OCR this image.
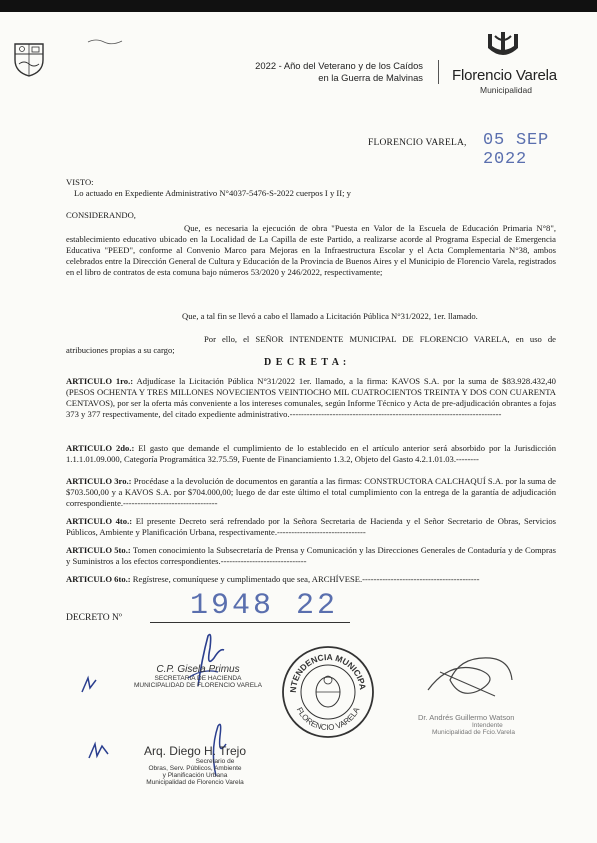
2022 - Año del Veterano y de los Caídos
en la Guerra de Malvinas Florencio Varela
Municipalidad
FLORENCIO VARELA, 05 SEP 2022
VISTO:
Lo actuado en Expediente Administrativo N°4037-5476-S-2022 cuerpos I y II; y
CONSIDERANDO,
Que, es necesaria la ejecución de obra "Puesta en Valor de la Escuela de Educación Primaria N°8", establecimiento educativo ubicado en la Localidad de La Capilla de este Partido, a realizarse acorde al Programa Especial de Emergencia Educativa "PEED", conforme al Convenio Marco para Mejoras en la Infraestructura Escolar y el Acta Complementaria N°38, ambos celebrados entre la Dirección General de Cultura y Educación de la Provincia de Buenos Aires y el Municipio de Florencio Varela, registrados en el libro de contratos de esta comuna bajo números 53/2020 y 246/2022, respectivamente;
Que, a tal fin se llevó a cabo el llamado a Licitación Pública N°31/2022, 1er. llamado.
Por ello, el SEÑOR INTENDENTE MUNICIPAL DE FLORENCIO VARELA, en uso de atribuciones propias a su cargo;
D E C R E T A :
ARTICULO 1ro.: Adjudícase la Licitación Pública N°31/2022 1er. llamado, a la firma: KAVOS S.A. por la suma de $83.928.432,40 (PESOS OCHENTA Y TRES MILLONES NOVECIENTOS VEINTIOCHO MIL CUATROCIENTOS TREINTA Y DOS CON CUARENTA CENTAVOS), por ser la oferta más conveniente a los intereses comunales, según Informe Técnico y Acta de pre-adjudicación obrantes a fojas 373 y 377 respectivamente, del citado expediente administrativo.--------------------------------------------------------------------------
ARTICULO 2do.: El gasto que demande el cumplimiento de lo establecido en el artículo anterior será absorbido por la Jurisdicción 1.1.1.01.09.000, Categoría Programática 32.75.59, Fuente de Financiamiento 1.3.2, Objeto del Gasto 4.2.1.01.03.--------
ARTICULO 3ro.: Procédase a la devolución de documentos en garantía a las firmas: CONSTRUCTORA CALCHAQUÍ S.A. por la suma de $703.500,00 y a KAVOS S.A. por $704.000,00; luego de dar este último el total cumplimiento con la entrega de la garantía de adjudicación correspondiente.---------------------------------
ARTICULO 4to.: El presente Decreto será refrendado por la Señora Secretaria de Hacienda y el Señor Secretario de Obras, Servicios Públicos, Ambiente y Planificación Urbana, respectivamente.-------------------------------
ARTICULO 5to.: Tomen conocimiento la Subsecretaría de Prensa y Comunicación y las Direcciones Generales de Contaduría y de Compras y Suministros a los efectos correspondientes.------------------------------
ARTICULO 6to.: Regístrese, comuníquese y cumplimentado que sea, ARCHÍVESE.-----------------------------------------
DECRETO Nº 1948 22
C.P. Gisela Primus
SECRETARIA DE HACIENDA
MUNICIPALIDAD DE FLORENCIO VARELA
NTENDENCIA MUNICIPA
FLORENCIO VARELA
Dr. Andrés Guillermo Watson
Intendente
Municipalidad de Fcio.Varela
Arq. Diego H. Trejo
Secretario de
Obras, Serv. Públicos, Ambiente
y Planificación Urbana
Municipalidad de Florencio Varela
